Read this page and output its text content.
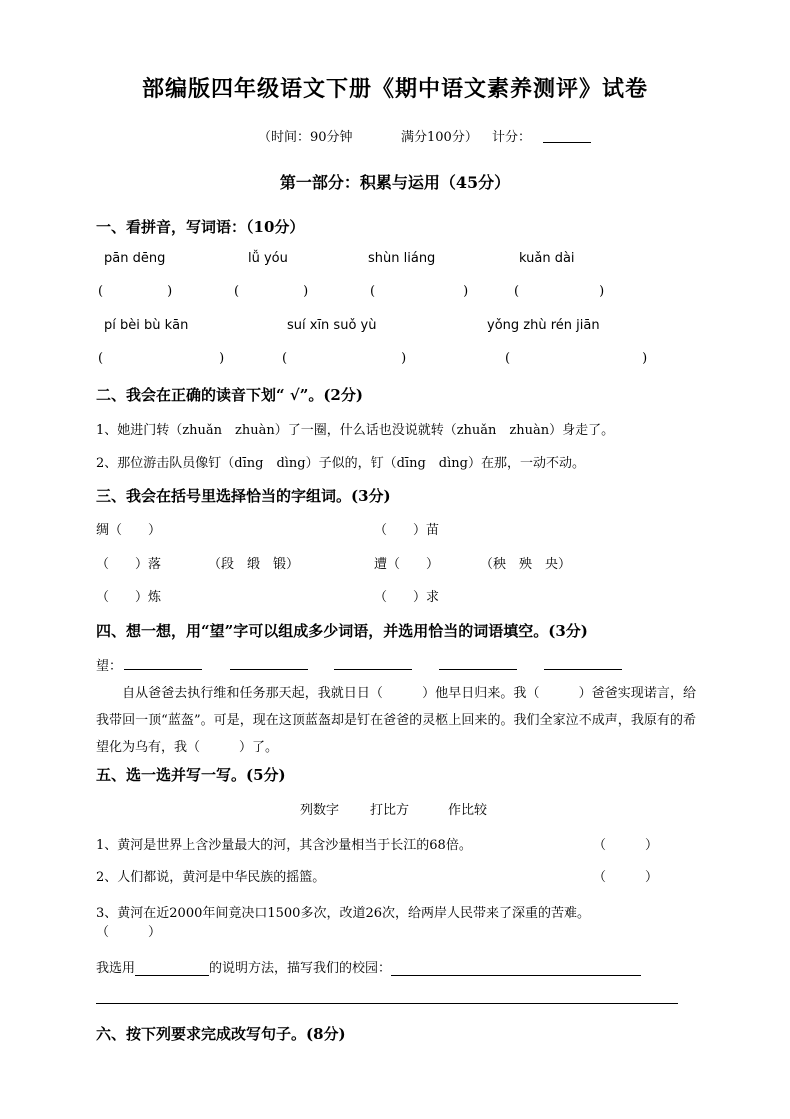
部编版四年级语文下册《期中语文素养测评》试卷
（时间：90分钟	满分100分） 计分：
第一部分：积累与运用（45分）
一、看拼音，写词语：（10分）
pān dēng	lǚ yóu	shùn liáng	kuǎn dài
(	)	(	)	(	)	(	)
pí bèi bù kān	suí xīn suǒ yù	yǒng zhù rén jiān
(	)	(	)	(	)
二、我会在正确的读音下划“ √”。(2分)
1、她进门转（zhuǎn　zhuàn）了一圈，什么话也没说就转（zhuǎn　zhuàn）身走了。
2、那位游击队员像钉（dīng　dìng）子似的，钉（dīng　dìng）在那，一动不动。
三、我会在括号里选择恰当的字组词。(3分)
绸（　　）	（　　）苗
（　　）落	（段　缎　锻）	遭（　　）	（秧　殃　央）
（　　）炼	（　　）求
四、想一想，用“望”字可以组成多少词语，并选用恰当的词语填空。(3分)
望：
　　自从爸爸去执行维和任务那天起，我就日日（　　　）他早日归来。我（　　　）爸爸实现诺言，给我带回一顶“蓝盔”。可是，现在这顶蓝盔却是钉在爸爸的灵柩上回来的。我们全家泣不成声，我原有的希望化为乌有，我（　　　）了。
五、选一选并写一写。(5分)
列数字 打比方	作比较
1、黄河是世界上含沙量最大的河，其含沙量相当于长江的68倍。	（　　　）
2、人们都说，黄河是中华民族的摇篮。	（　　　）
3、黄河在近2000年间竟决口1500多次，改道26次，给两岸人民带来了深重的苦难。
（　　　）
我选用	的说明方法，描写我们的校园：
六、按下列要求完成改写句子。(8分)
